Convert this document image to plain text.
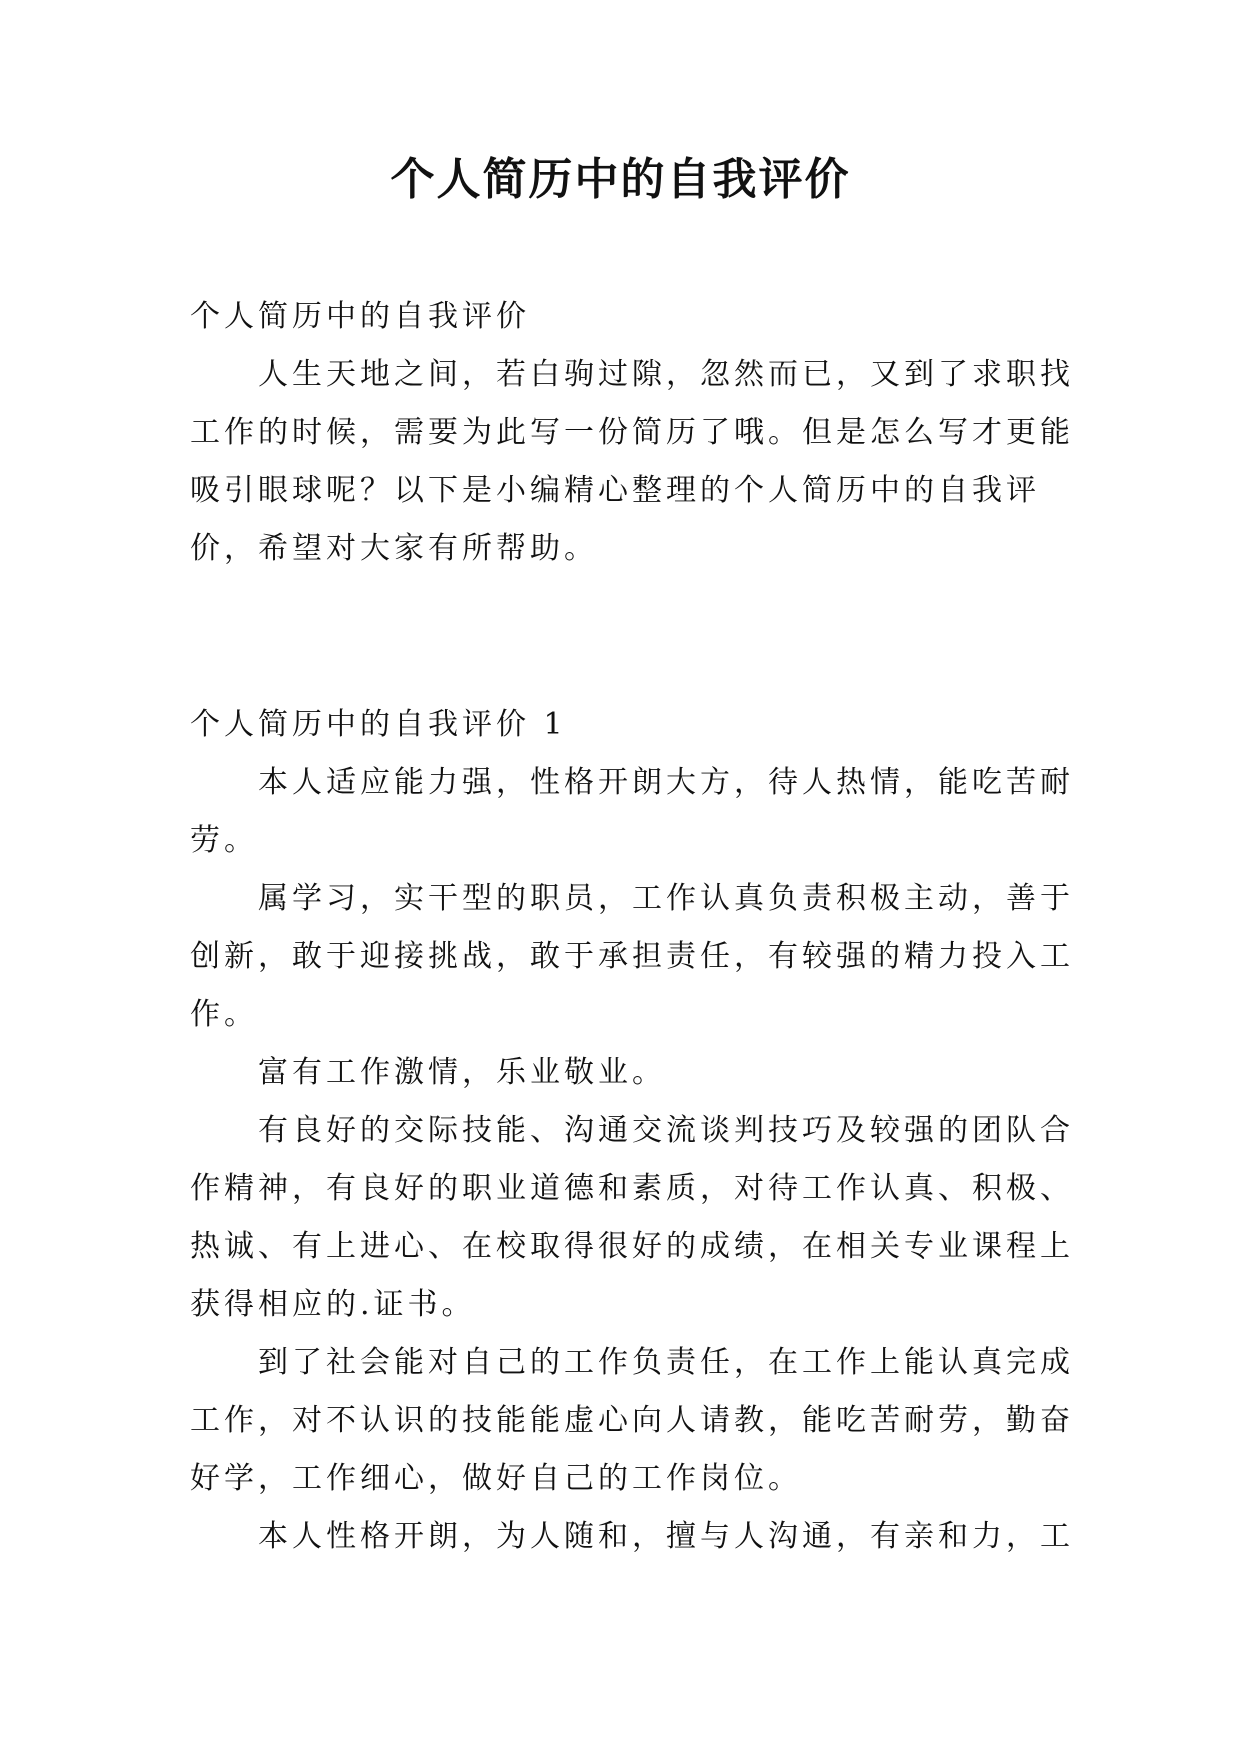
个人简历中的自我评价
个人简历中的自我评价
人生天地之间，若白驹过隙，忽然而已，又到了求职找
工作的时候，需要为此写一份简历了哦。但是怎么写才更能
吸引眼球呢？以下是小编精心整理的个人简历中的自我评
价，希望对大家有所帮助。
个人简历中的自我评价 1
本人适应能力强，性格开朗大方，待人热情，能吃苦耐
劳。
属学习，实干型的职员，工作认真负责积极主动，善于
创新，敢于迎接挑战，敢于承担责任，有较强的精力投入工
作。
富有工作激情，乐业敬业。
有良好的交际技能、沟通交流谈判技巧及较强的团队合
作精神，有良好的职业道德和素质，对待工作认真、积极、
热诚、有上进心、在校取得很好的成绩，在相关专业课程上
获得相应的.证书。
到了社会能对自己的工作负责任，在工作上能认真完成
工作，对不认识的技能能虚心向人请教，能吃苦耐劳，勤奋
好学，工作细心，做好自己的工作岗位。
本人性格开朗，为人随和，擅与人沟通，有亲和力，工
